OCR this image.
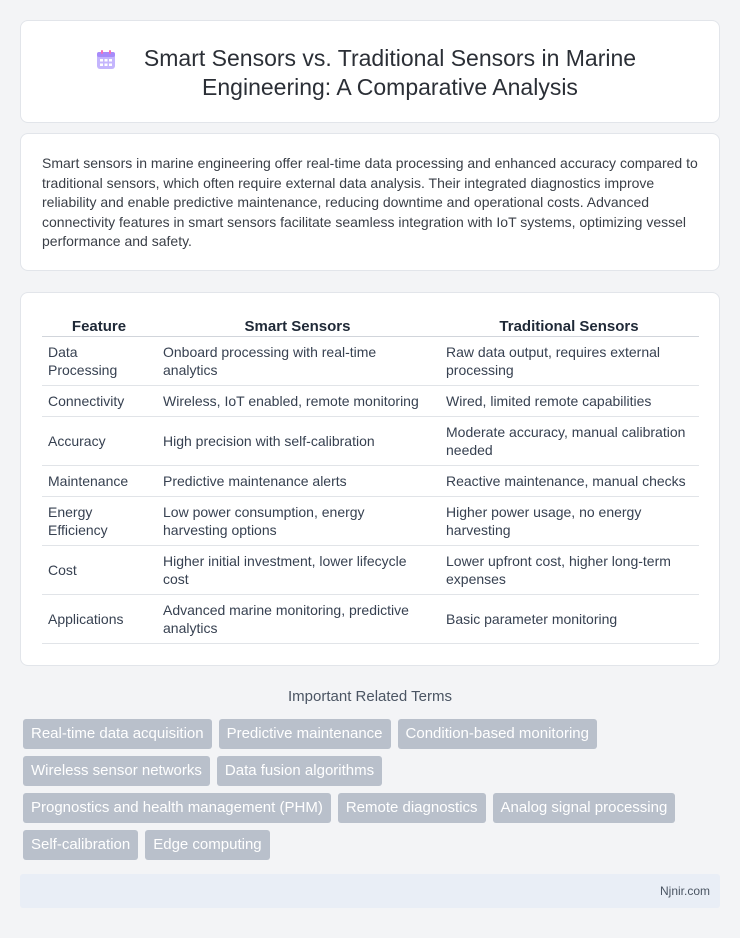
Smart Sensors vs. Traditional Sensors in Marine
Engineering: A Comparative Analysis

Smart sensors in marine engineering offer real-time data processing and enhanced accuracy compared to traditional sensors, which often require external data analysis. Their integrated diagnostics improve reliability and enable predictive maintenance, reducing downtime and operational costs. Advanced connectivity features in smart sensors facilitate seamless integration with IoT systems, optimizing vessel performance and safety.

Feature	Smart Sensors	Traditional Sensors
Data Processing	Onboard processing with real-time analytics	Raw data output, requires external processing
Connectivity	Wireless, IoT enabled, remote monitoring	Wired, limited remote capabilities
Accuracy	High precision with self-calibration	Moderate accuracy, manual calibration needed
Maintenance	Predictive maintenance alerts	Reactive maintenance, manual checks
Energy Efficiency	Low power consumption, energy harvesting options	Higher power usage, no energy harvesting
Cost	Higher initial investment, lower lifecycle cost	Lower upfront cost, higher long-term expenses
Applications	Advanced marine monitoring, predictive analytics	Basic parameter monitoring
Important Related Terms
Real-time data acquisition	Predictive maintenance	Condition-based monitoring
Wireless sensor networks	Data fusion algorithms
Prognostics and health management (PHM)	Remote diagnostics	Analog signal processing
Self-calibration	Edge computing
Njnir.com
